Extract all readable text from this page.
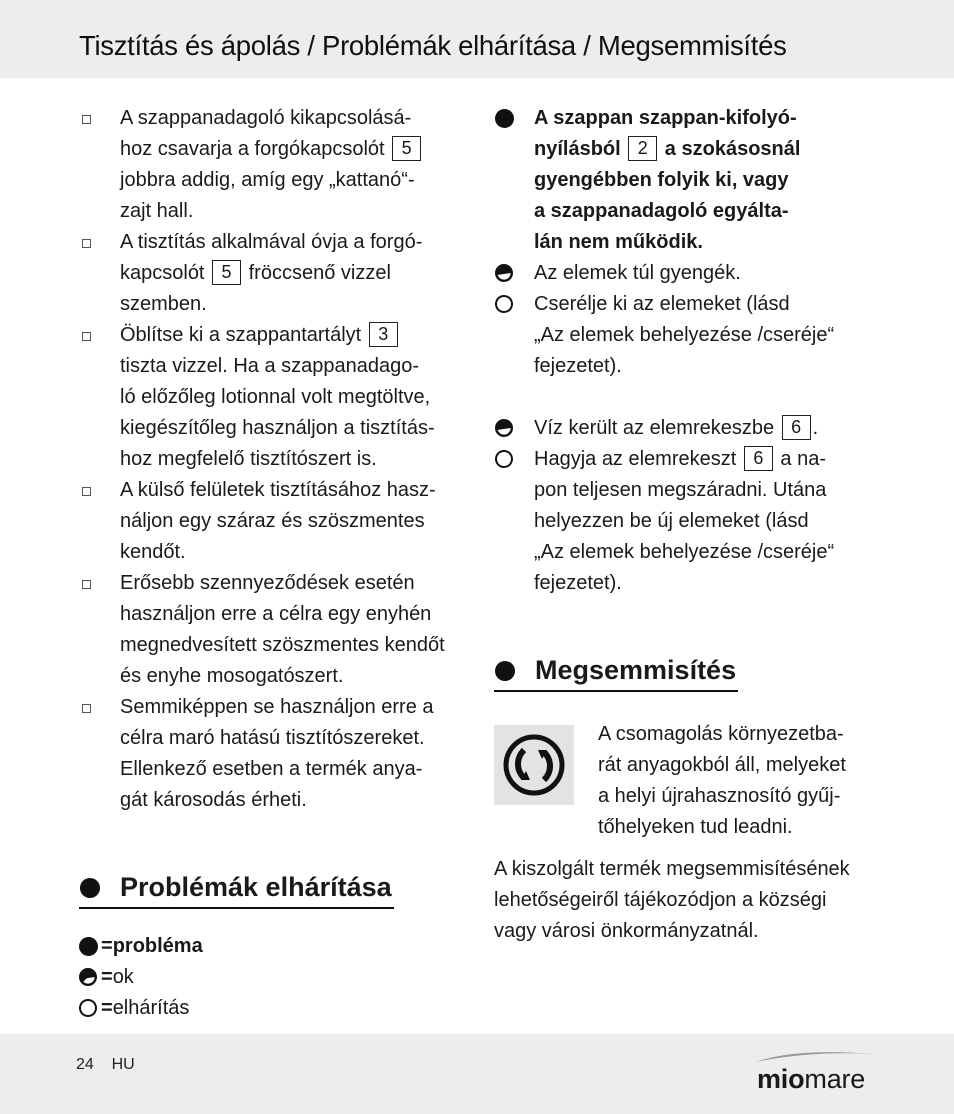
Tisztítás és ápolás / Problémák elhárítása / Megsemmisítés
A szappanadagoló kikapcsolásá-
hoz csavarja a forgókapcsolót 5
jobbra addig, amíg egy „kattanó“-
zajt hall.
A tisztítás alkalmával óvja a forgó-
kapcsolót 5 fröccsenő vizzel
szemben.
Öblítse ki a szappantartályt 3
tiszta vizzel. Ha a szappanadago-
ló előzőleg lotionnal volt megtöltve,
kiegészítőleg használjon a tisztítás-
hoz megfelelő tisztítószert is.
A külső felületek tisztításához hasz-
náljon egy száraz és szöszmentes
kendőt.
Erősebb szennyeződések esetén
használjon erre a célra egy enyhén
megnedvesített szöszmentes kendőt
és enyhe mosogatószert.
Semmiképpen se használjon erre a
célra maró hatású tisztítószereket.
Ellenkező esetben a termék anya-
gát károsodás érheti.
Problémák elhárítása
=probléma
=ok
=elhárítás
A szappan szappan-kifolyó-
nyílásból 2 a szokásosnál
gyengébben folyik ki, vagy
a szappanadagoló egyálta-
lán nem működik.
Az elemek túl gyengék.
Cserélje ki az elemeket (lásd
„Az elemek behelyezése /cseréje“
fejezetet).
Víz került az elemrekeszbe 6 .
Hagyja az elemrekeszt 6 a na-
pon teljesen megszáradni. Utána
helyezzen be új elemeket (lásd
„Az elemek behelyezése /cseréje“
fejezetet).
Megsemmisítés
A csomagolás környezetba-
rát anyagokból áll, melyeket
a helyi újrahasznosító gyűj-
tőhelyeken tud leadni.
A kiszolgált termék megsemmisítésének
lehetőségeiről tájékozódjon a községi
vagy városi önkormányzatnál.
24 HU	miomare
